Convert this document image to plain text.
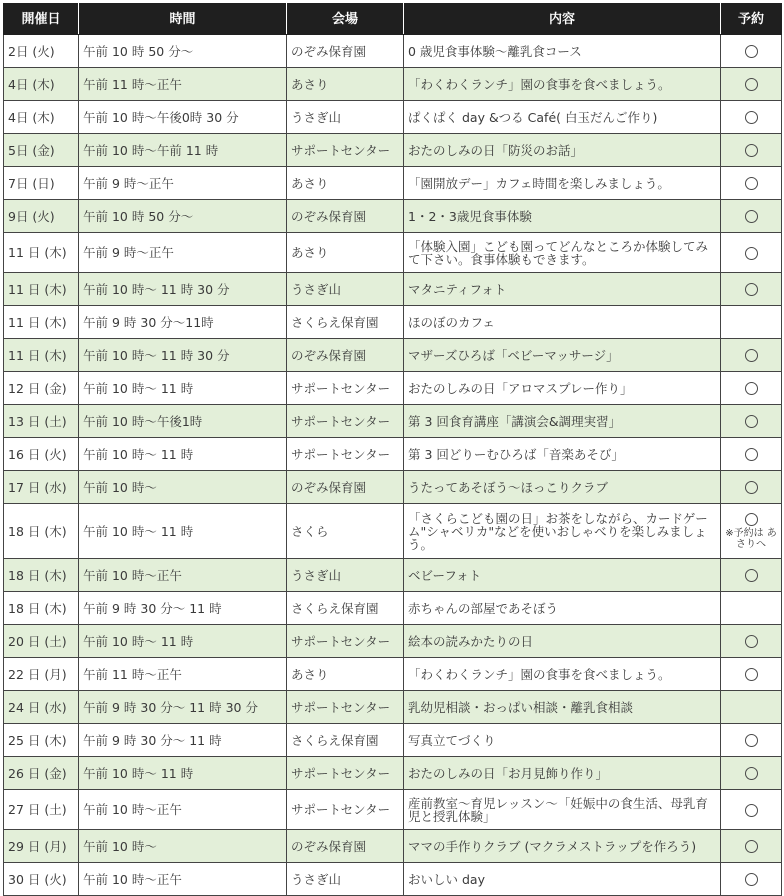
開催日	時間	会場	内容	予約

2日 (火)	午前 10 時 50 分～	のぞみ保育園	0 歳児食事体験～離乳食コース	

4日 (木)	午前 11 時～正午	あさり	「わくわくランチ」園の食事を食べましょう。	

4日 (木)	午前 10 時～午後0時 30 分	うさぎ山	ぱくぱく day &つる Café( 白玉だんご作り)	

5日 (金)	午前 10 時～午前 11 時	サポートセンター	おたのしみの日「防災のお話」	

7日 (日)	午前 9 時～正午	あさり	「園開放デー」カフェ時間を楽しみましょう。	

9日 (火)	午前 10 時 50 分～	のぞみ保育園	1・2・3歳児食事体験	

11 日 (木)	午前 9 時～正午	あさり	「体験入園」こども園ってどんなところか体験してみて下さい。食事体験もできます。	

11 日 (木)	午前 10 時～ 11 時 30 分	うさぎ山	マタニティフォト	

11 日 (木)	午前 9 時 30 分～11時	さくらえ保育園	ほのぼのカフェ	

11 日 (木)	午前 10 時～ 11 時 30 分	のぞみ保育園	マザーズひろば「ベビーマッサージ」	

12 日 (金)	午前 10 時～ 11 時	サポートセンター	おたのしみの日「アロマスプレー作り」	

13 日 (土)	午前 10 時～午後1時	サポートセンター	第 3 回食育講座「講演会&調理実習」	

16 日 (火)	午前 10 時～ 11 時	サポートセンター	第 3 回どりーむひろば「音楽あそび」	

17 日 (水)	午前 10 時～	のぞみ保育園	うたってあそぼう～ほっこりクラブ	

18 日 (木)	午前 10 時～ 11 時	さくら	「さくらこども園の日」お茶をしながら、カードゲーム"シャベリカ"などを使いおしゃべりを楽しみましょう。	※予約は あさりへ

18 日 (木)	午前 10 時～正午	うさぎ山	ベビーフォト	

18 日 (木)	午前 9 時 30 分～ 11 時	さくらえ保育園	赤ちゃんの部屋であそぼう	

20 日 (土)	午前 10 時～ 11 時	サポートセンター	絵本の読みかたりの日	

22 日 (月)	午前 11 時～正午	あさり	「わくわくランチ」園の食事を食べましょう。	

24 日 (水)	午前 9 時 30 分～ 11 時 30 分	サポートセンター	乳幼児相談・おっぱい相談・離乳食相談	

25 日 (木)	午前 9 時 30 分～ 11 時	さくらえ保育園	写真立てづくり	

26 日 (金)	午前 10 時～ 11 時	サポートセンター	おたのしみの日「お月見飾り作り」	

27 日 (土)	午前 10 時～正午	サポートセンター	産前教室～育児レッスン～「妊娠中の食生活、母乳育児と授乳体験」	

29 日 (月)	午前 10 時～	のぞみ保育園	ママの手作りクラブ (マクラメストラップを作ろう)	

30 日 (火)	午前 10 時～正午	うさぎ山	おいしい day	
